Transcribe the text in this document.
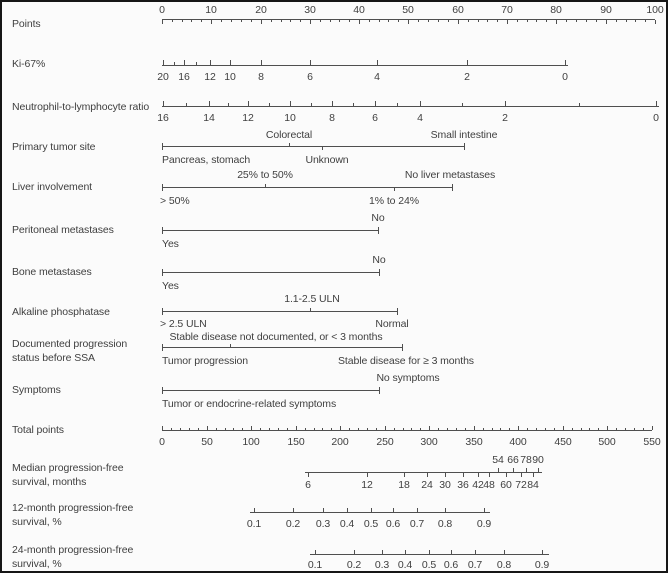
Points
0	10	20	30	40	50	60	70	80	90	100
Ki-67%
20 16 12 10 8	6	4	2	0
Neutrophil-to-lymphocyte ratio
16	14	12	10	8	6	4	2	0
Primary tumor site
Pancreas, stomach
Colorectal
Unknown
Small intestine
Liver involvement
> 50%
25% to 50%
1% to 24%
No liver metastases
Peritoneal metastases
Yes
No
Bone metastases
Yes
No
Alkaline phosphatase
> 2.5 ULN
1.1-2.5 ULN
Normal
Documented progression
status before SSA	Tumor progression
Stable disease not documented, or < 3 months
Stable disease for ≥ 3 months
Symptoms
Tumor or endocrine-related symptoms
No symptoms
Total points
0	50	100	150	200	250	300	350	400	450	500	550
Median progression-free
survival, months	6	12 18 24 30 36 42 48 60 72 84
54 66 78 90
12-month progression-free
survival, %	0.1 0.2 0.3 0.4 0.5 0.6 0.7 0.8 0.9
24-month progression-free
survival, %	0.1 0.2 0.3 0.4 0.5 0.6 0.7 0.8 0.9
